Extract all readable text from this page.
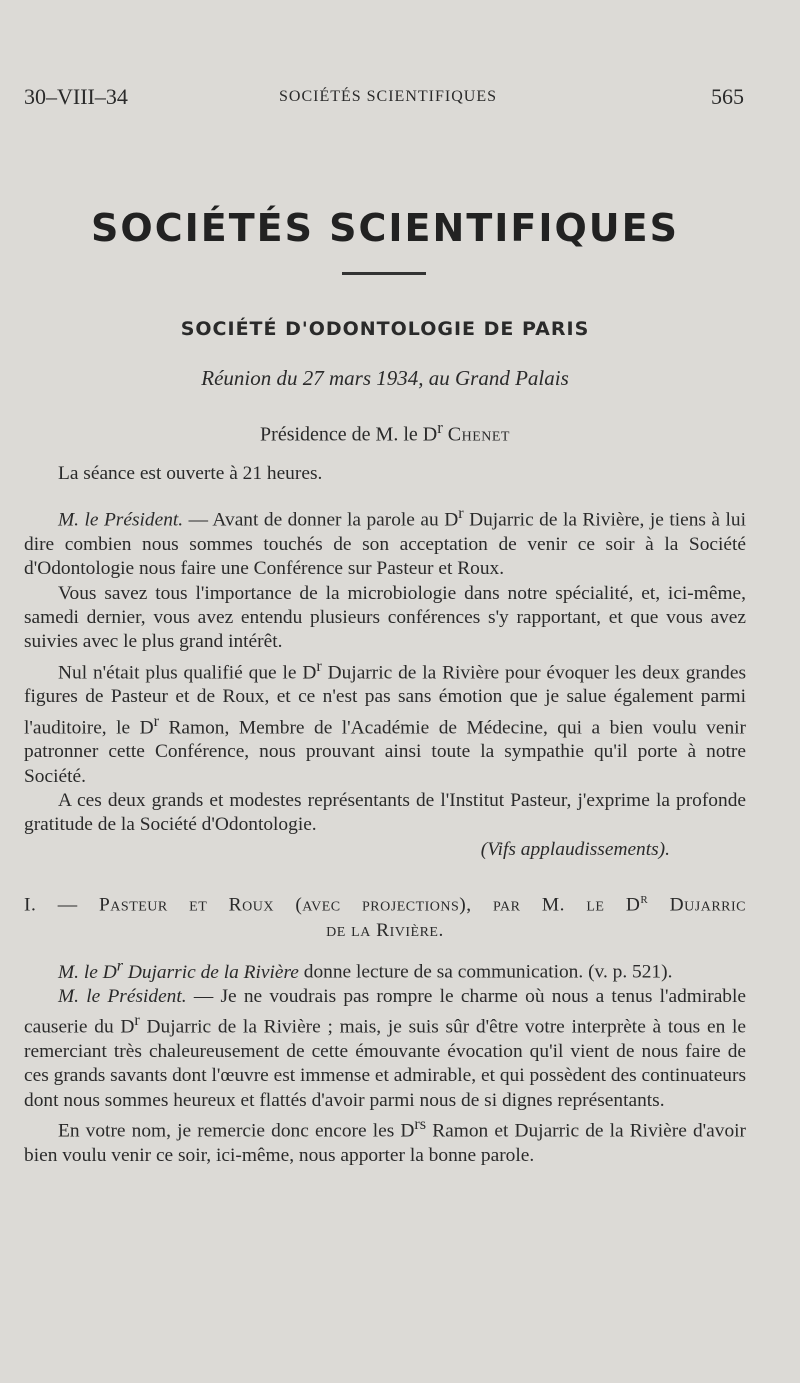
30–VIII–34	SOCIÉTÉS SCIENTIFIQUES	565
SOCIÉTÉS SCIENTIFIQUES
SOCIÉTÉ D'ODONTOLOGIE DE PARIS
Réunion du 27 mars 1934, au Grand Palais
Présidence de M. le $D^r$ Chenet

La séance est ouverte à 21 heures.

M. le Président. — Avant de donner la parole au $D^r$ Dujarric de la Rivière, je tiens à lui dire combien nous sommes touchés de son acceptation de venir ce soir à la Société d'Odontologie nous faire une Conférence sur Pasteur et Roux.

Vous savez tous l'importance de la microbiologie dans notre spécialité, et, ici-même, samedi dernier, vous avez entendu plusieurs conférences s'y rapportant, et que vous avez suivies avec le plus grand intérêt.

Nul n'était plus qualifié que le $D^r$ Dujarric de la Rivière pour évoquer les deux grandes figures de Pasteur et de Roux, et ce n'est pas sans émotion que je salue également parmi l'auditoire, le $D^r$ Ramon, Membre de l'Académie de Médecine, qui a bien voulu venir patronner cette Conférence, nous prouvant ainsi toute la sympathie qu'il porte à notre Société.

A ces deux grands et modestes représentants de l'Institut Pasteur, j'exprime la profonde gratitude de la Société d'Odontologie.

(Vifs applaudissements).

I. — Pasteur et Roux (avec projections), par M. le $D^r$ Dujarric
de la Rivière.

M. le $D^r$ Dujarric de la Rivière donne lecture de sa communication. (v. p. 521).

M. le Président. — Je ne voudrais pas rompre le charme où nous a tenus l'admirable causerie du $D^r$ Dujarric de la Rivière ; mais, je suis sûr d'être votre interprète à tous en le remerciant très chaleureusement de cette émouvante évocation qu'il vient de nous faire de ces grands savants dont l'œuvre est immense et admirable, et qui possèdent des continuateurs dont nous sommes heureux et flattés d'avoir parmi nous de si dignes représentants.

En votre nom, je remercie donc encore les $D^{rs}$ Ramon et Dujarric de la Rivière d'avoir bien voulu venir ce soir, ici-même, nous apporter la bonne parole.
